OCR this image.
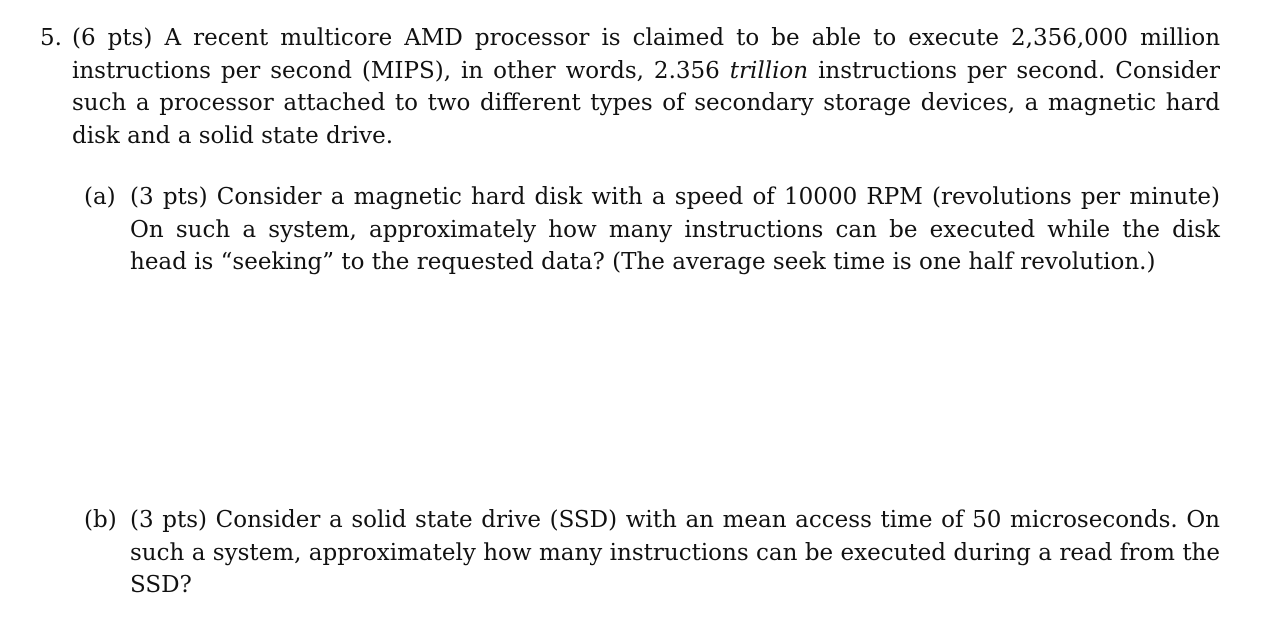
5. (6 pts) A recent multicore AMD processor is claimed to be able to execute 2,356,000 million instructions per second (MIPS), in other words, 2.356 trillion instructions per second. Consider such a processor attached to two different types of secondary storage devices, a magnetic hard disk and a solid state drive.
(a) (3 pts) Consider a magnetic hard disk with a speed of 10000 RPM (revolutions per minute) On such a system, approximately how many instructions can be executed while the disk head is “seeking” to the requested data? (The average seek time is one half revolution.)
(b) (3 pts) Consider a solid state drive (SSD) with an mean access time of 50 microseconds. On such a system, approximately how many instructions can be executed during a read from the SSD?
